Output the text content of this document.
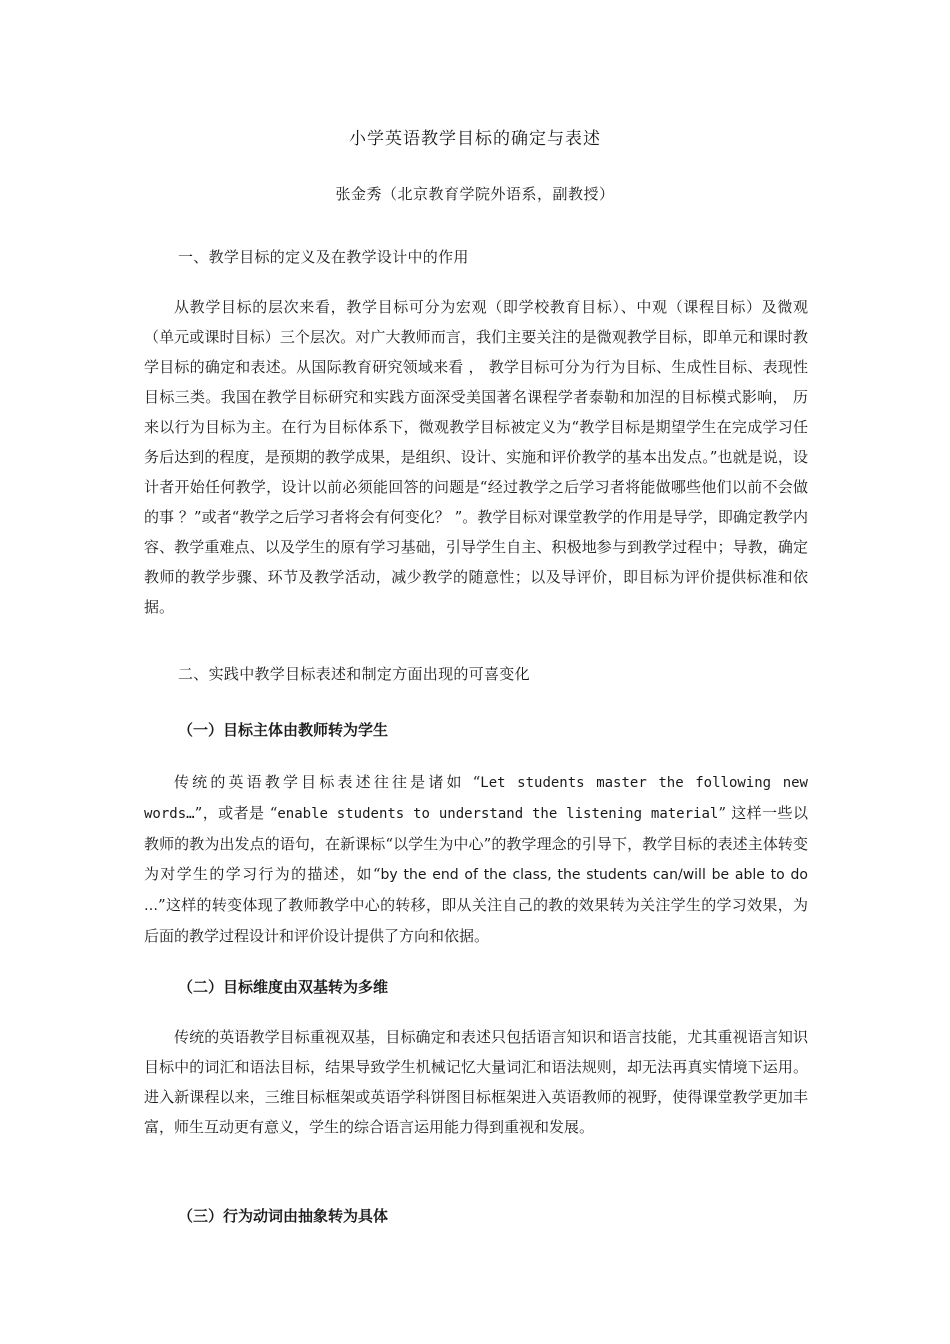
小学英语教学目标的确定与表述
张金秀（北京教育学院外语系，副教授）
一、教学目标的定义及在教学设计中的作用

从教学目标的层次来看，教学目标可分为宏观（即学校教育目标）、中观（课程目标）及微观（单元或课时目标）三个层次。对广大教师而言，我们主要关注的是微观教学目标，即单元和课时教学目标的确定和表述。从国际教育研究领域来看 ， 教学目标可分为行为目标、生成性目标、表现性目标三类。我国在教学目标研究和实践方面深受美国著名课程学者泰勒和加涅的目标模式影响， 历来以行为目标为主。在行为目标体系下，微观教学目标被定义为“教学目标是期望学生在完成学习任务后达到的程度，是预期的教学成果，是组织、设计、实施和评价教学的基本出发点。”也就是说，设计者开始任何教学，设计以前必须能回答的问题是“经过教学之后学习者将能做哪些他们以前不会做的事 ？”或者“教学之后学习者将会有何变化？ ”。教学目标对课堂教学的作用是导学，即确定教学内容、教学重难点、以及学生的原有学习基础，引导学生自主、积极地参与到教学过程中；导教，确定教师的教学步骤、环节及教学活动，减少教学的随意性；以及导评价，即目标为评价提供标准和依据。

二、实践中教学目标表述和制定方面出现的可喜变化
（一）目标主体由教师转为学生

传统的英语教学目标表述往往是诸如 “Let students master the following new words…”，或者是 “enable students to understand the listening material” 这样一些以教师的教为出发点的语句，在新课标“以学生为中心”的教学理念的引导下，教学目标的表述主体转变为对学生的学习行为的描述，如“by the end of the class, the students can/will be able to do …”这样的转变体现了教师教学中心的转移，即从关注自己的教的效果转为关注学生的学习效果，为后面的教学过程设计和评价设计提供了方向和依据。

（二）目标维度由双基转为多维

传统的英语教学目标重视双基，目标确定和表述只包括语言知识和语言技能，尤其重视语言知识目标中的词汇和语法目标，结果导致学生机械记忆大量词汇和语法规则，却无法再真实情境下运用。进入新课程以来，三维目标框架或英语学科饼图目标框架进入英语教师的视野，使得课堂教学更加丰富，师生互动更有意义，学生的综合语言运用能力得到重视和发展。

（三）行为动词由抽象转为具体
